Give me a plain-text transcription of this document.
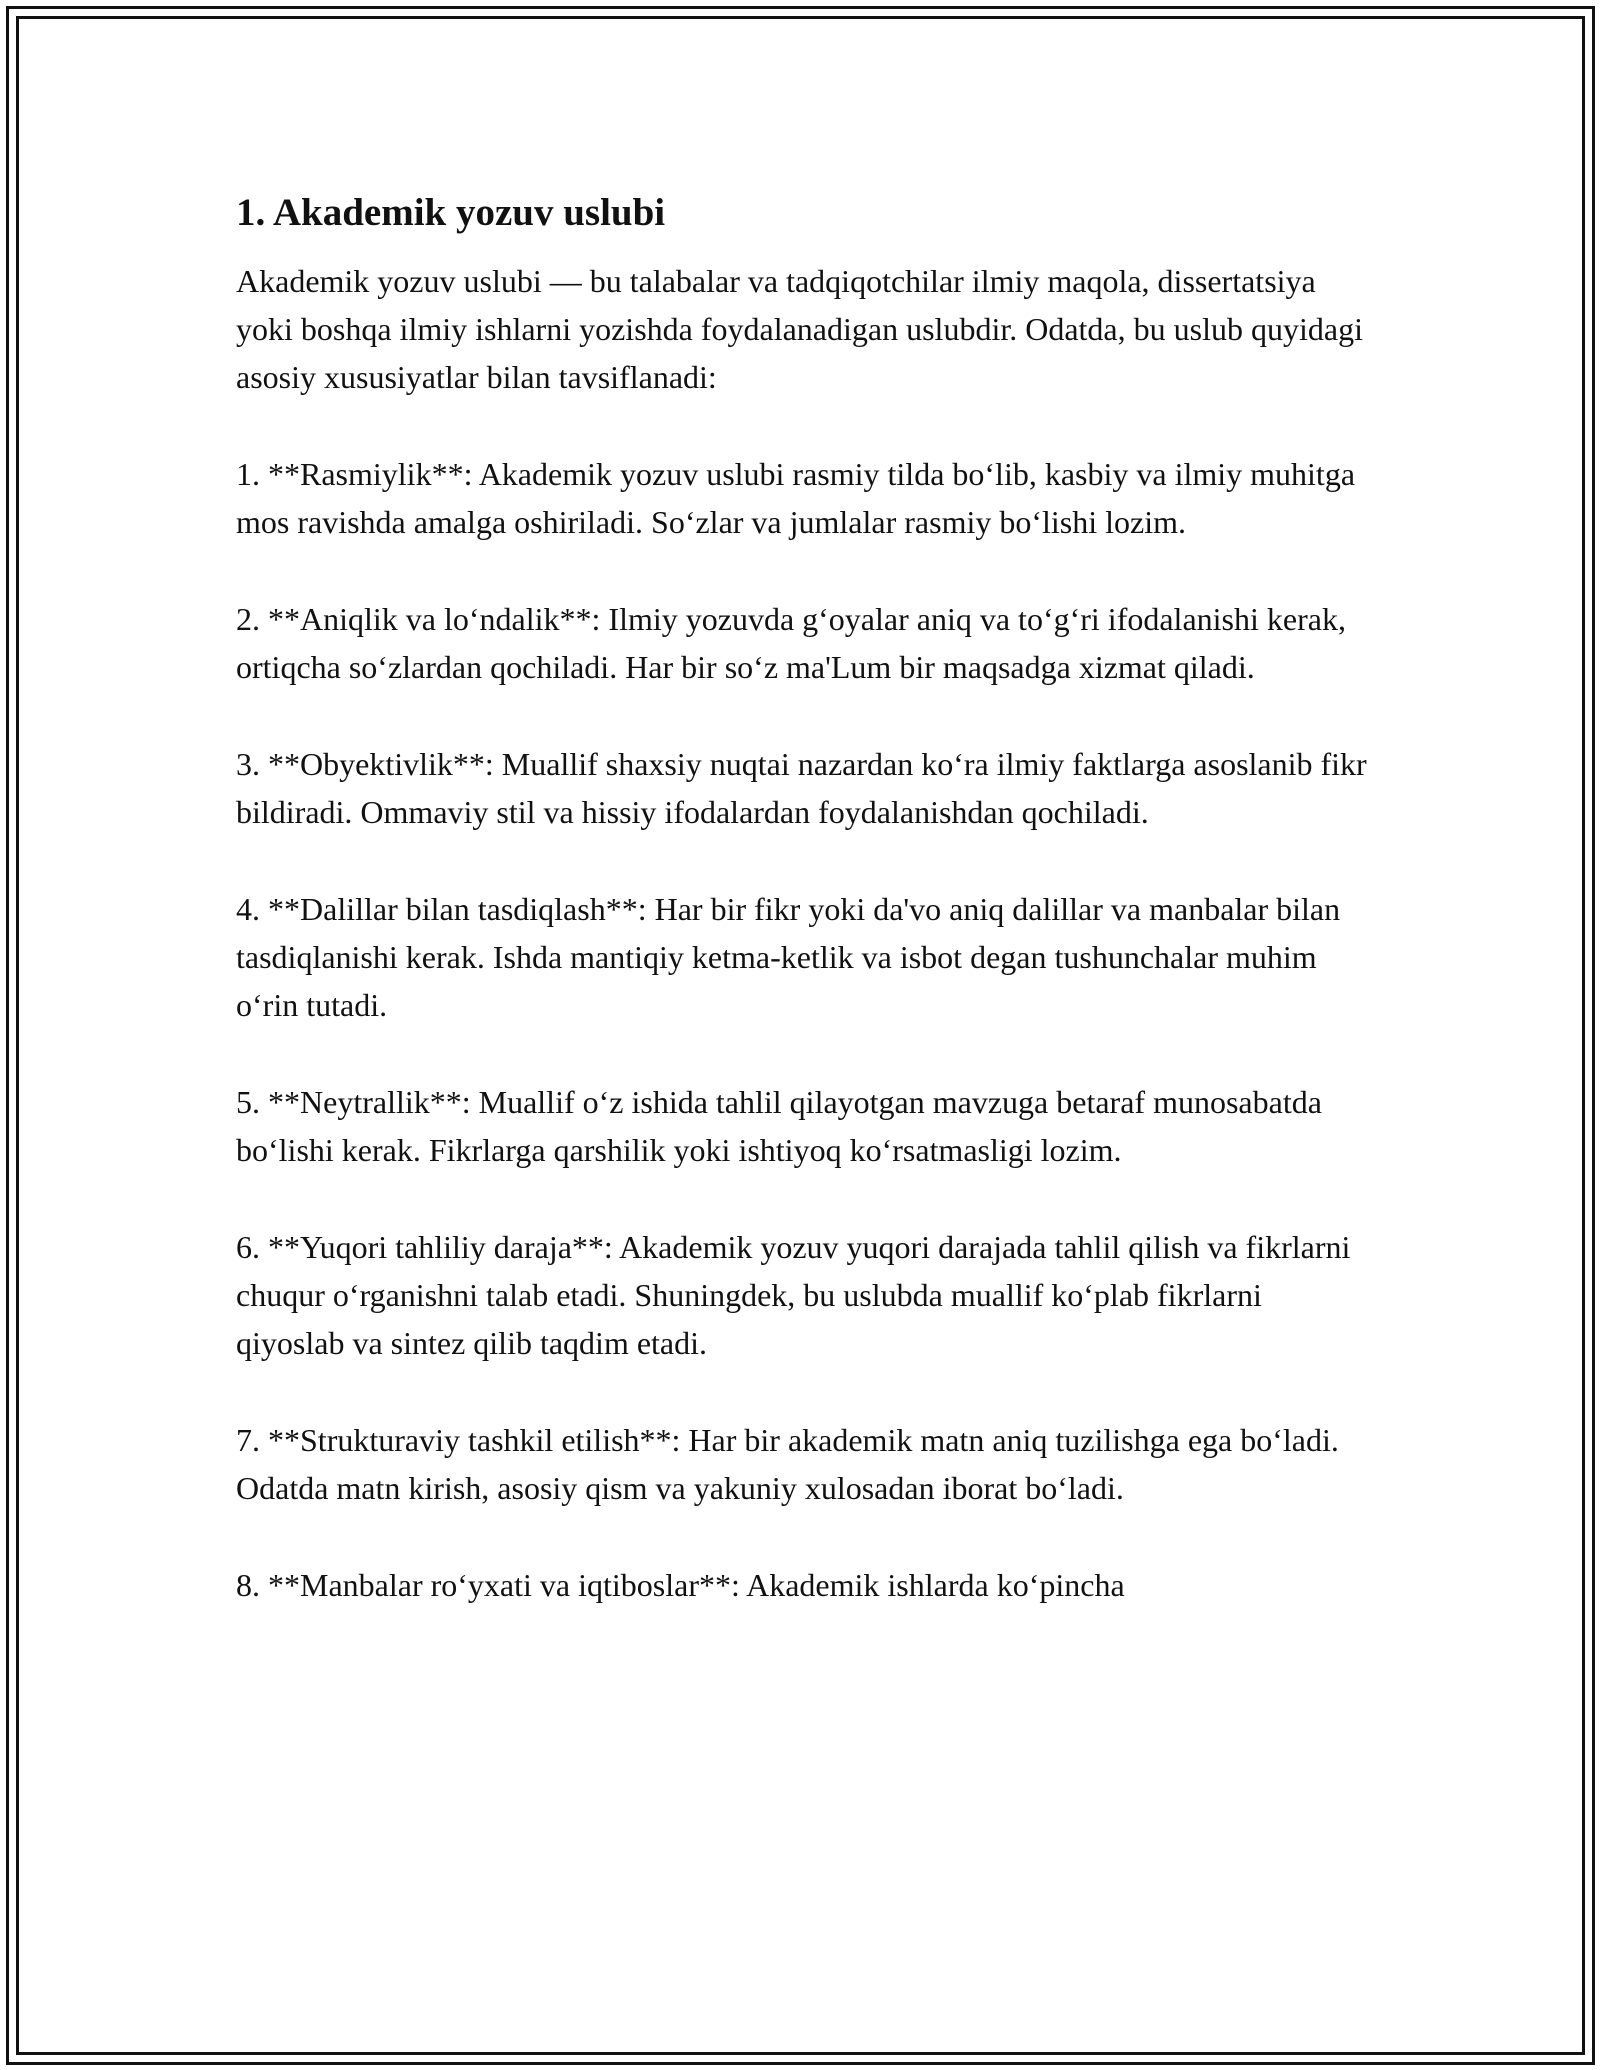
1. Akademik yozuv uslubi

Akademik yozuv uslubi — bu talabalar va tadqiqotchilar ilmiy maqola, dissertatsiya yoki boshqa ilmiy ishlarni yozishda foydalanadigan uslubdir. Odatda, bu uslub quyidagi asosiy xususiyatlar bilan tavsiflanadi:

1. **Rasmiylik**: Akademik yozuv uslubi rasmiy tilda boʻlib, kasbiy va ilmiy muhitga mos ravishda amalga oshiriladi. Soʻzlar va jumlalar rasmiy boʻlishi lozim.

2. **Aniqlik va loʻndalik**: Ilmiy yozuvda gʻoyalar aniq va toʻgʻri ifodalanishi kerak, ortiqcha soʻzlardan qochiladi. Har bir soʻz ma'Lum bir maqsadga xizmat qiladi.

3. **Obyektivlik**: Muallif shaxsiy nuqtai nazardan koʻra ilmiy faktlarga asoslanib fikr bildiradi. Ommaviy stil va hissiy ifodalardan foydalanishdan qochiladi.

4. **Dalillar bilan tasdiqlash**: Har bir fikr yoki da'vo aniq dalillar va manbalar bilan tasdiqlanishi kerak. Ishda mantiqiy ketma-ketlik va isbot degan tushunchalar muhim oʻrin tutadi.

5. **Neytrallik**: Muallif oʻz ishida tahlil qilayotgan mavzuga betaraf munosabatda boʻlishi kerak. Fikrlarga qarshilik yoki ishtiyoq koʻrsatmasligi lozim.

6. **Yuqori tahliliy daraja**: Akademik yozuv yuqori darajada tahlil qilish va fikrlarni chuqur oʻrganishni talab etadi. Shuningdek, bu uslubda muallif koʻplab fikrlarni qiyoslab va sintez qilib taqdim etadi.

7. **Strukturaviy tashkil etilish**: Har bir akademik matn aniq tuzilishga ega boʻladi. Odatda matn kirish, asosiy qism va yakuniy xulosadan iborat boʻladi.

8. **Manbalar roʻyxati va iqtiboslar**: Akademik ishlarda koʻpincha
